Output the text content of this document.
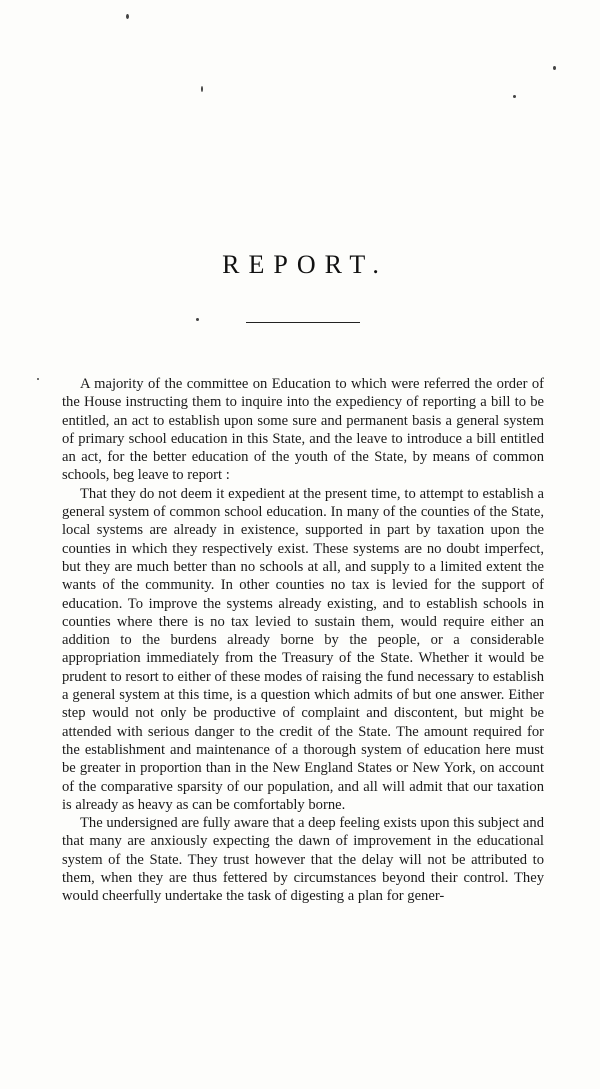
REPORT.

A majority of the committee on Education to which were referred the order of the House instructing them to inquire into the expediency of reporting a bill to be entitled, an act to establish upon some sure and permanent basis a general system of primary school education in this State, and the leave to introduce a bill entitled an act, for the better education of the youth of the State, by means of common schools, beg leave to report :

That they do not deem it expedient at the present time, to attempt to establish a general system of common school education. In many of the counties of the State, local systems are already in existence, supported in part by taxation upon the counties in which they respectively exist. These systems are no doubt imperfect, but they are much better than no schools at all, and supply to a limited extent the wants of the community. In other counties no tax is levied for the support of education. To improve the systems already existing, and to establish schools in counties where there is no tax levied to sustain them, would require either an addition to the burdens already borne by the people, or a considerable appropriation immediately from the Treasury of the State. Whether it would be prudent to resort to either of these modes of raising the fund necessary to establish a general system at this time, is a question which admits of but one answer. Either step would not only be productive of complaint and discontent, but might be attended with serious danger to the credit of the State. The amount required for the establishment and maintenance of a thorough system of education here must be greater in proportion than in the New England States or New York, on account of the comparative sparsity of our population, and all will admit that our taxation is already as heavy as can be comfortably borne.

The undersigned are fully aware that a deep feeling exists upon this subject and that many are anxiously expecting the dawn of improvement in the educational system of the State. They trust however that the delay will not be attributed to them, when they are thus fettered by circumstances beyond their control. They would cheerfully undertake the task of digesting a plan for gener-
